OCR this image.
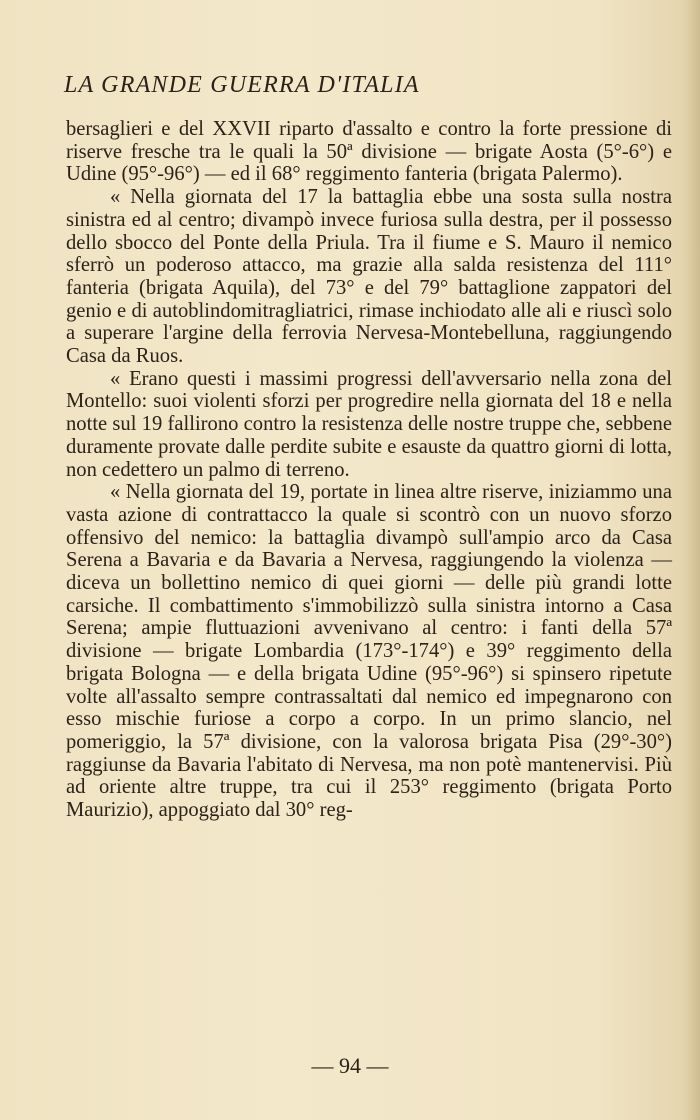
LA GRANDE GUERRA D'ITALIA

bersaglieri e del XXVII riparto d'assalto e contro la forte pressione di riserve fresche tra le quali la 50ª divisione — brigate Aosta (5°-6°) e Udine (95°-96°) — ed il 68° reggimento fanteria (brigata Palermo).

« Nella giornata del 17 la battaglia ebbe una sosta sulla nostra sinistra ed al centro; divampò invece furiosa sulla destra, per il possesso dello sbocco del Ponte della Priula. Tra il fiume e S. Mauro il nemico sferrò un poderoso attacco, ma grazie alla salda resistenza del 111° fanteria (brigata Aquila), del 73° e del 79° battaglione zappatori del genio e di autoblindomitragliatrici, rimase inchiodato alle ali e riuscì solo a superare l'argine della ferrovia Nervesa-Montebelluna, raggiungendo Casa da Ruos.

« Erano questi i massimi progressi dell'avversario nella zona del Montello: suoi violenti sforzi per progredire nella giornata del 18 e nella notte sul 19 fallirono contro la resistenza delle nostre truppe che, sebbene duramente provate dalle perdite subite e esauste da quattro giorni di lotta, non cedettero un palmo di terreno.

« Nella giornata del 19, portate in linea altre riserve, iniziammo una vasta azione di contrattacco la quale si scontrò con un nuovo sforzo offensivo del nemico: la battaglia divampò sull'ampio arco da Casa Serena a Bavaria e da Bavaria a Nervesa, raggiungendo la violenza — diceva un bollettino nemico di quei giorni — delle più grandi lotte carsiche. Il combattimento s'immobilizzò sulla sinistra intorno a Casa Serena; ampie fluttuazioni avvenivano al centro: i fanti della 57ª divisione — brigate Lombardia (173°-174°) e 39° reggimento della brigata Bologna — e della brigata Udine (95°-96°) si spinsero ripetute volte all'assalto sempre contrassaltati dal nemico ed impegnarono con esso mischie furiose a corpo a corpo. In un primo slancio, nel pomeriggio, la 57ª divisione, con la valorosa brigata Pisa (29°-30°) raggiunse da Bavaria l'abitato di Nervesa, ma non potè mantenervisi. Più ad oriente altre truppe, tra cui il 253° reggimento (brigata Porto Maurizio), appoggiato dal 30° reg-

— 94 —
